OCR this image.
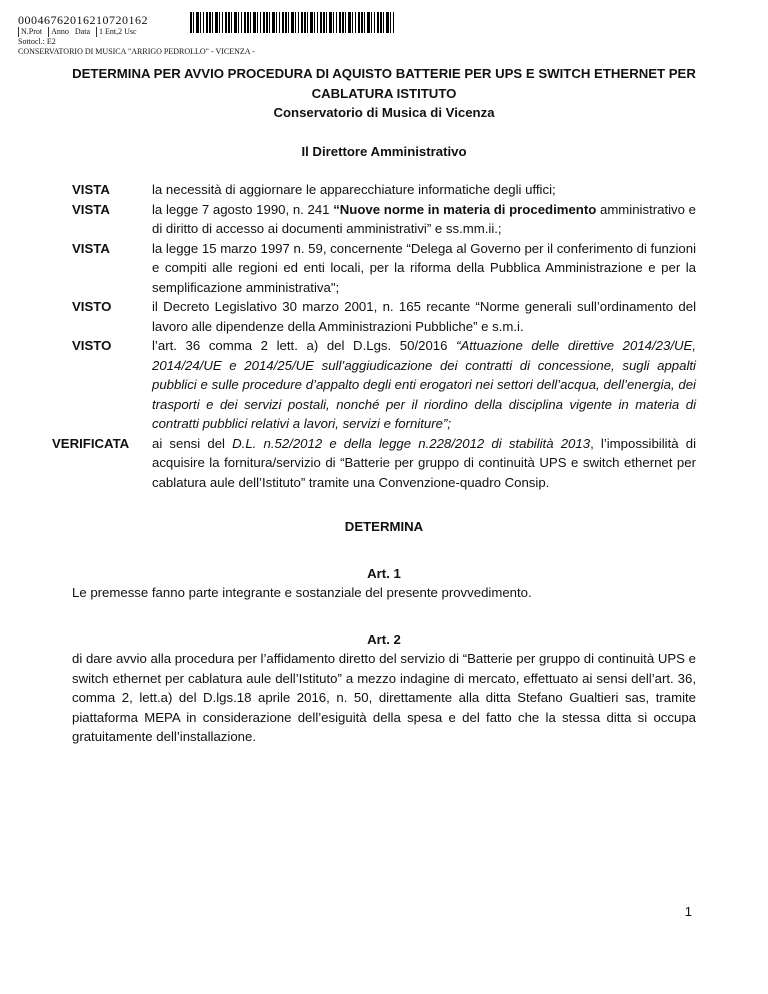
00046762016210720162
N.Prot Anno Data 1 Ent,2 Usc
Sottocl.: E2
CONSERVATORIO DI MUSICA "ARRIGO PEDROLLO" - VICENZA -
DETERMINA PER AVVIO PROCEDURA DI AQUISTO BATTERIE PER UPS E SWITCH ETHERNET PER
CABLATURA ISTITUTO
Conservatorio di Musica di Vicenza
Il Direttore Amministrativo
VISTA	la necessità di aggiornare le apparecchiature informatiche degli uffici;
VISTA	la legge 7 agosto 1990, n. 241 “Nuove norme in materia di procedimento amministrativo e di diritto di accesso ai documenti amministrativi” e ss.mm.ii.;
VISTA	la legge 15 marzo 1997 n. 59, concernente “Delega al Governo per il conferimento di funzioni e compiti alle regioni ed enti locali, per la riforma della Pubblica Amministrazione e per la semplificazione amministrativa";
VISTO	il Decreto Legislativo 30 marzo 2001, n. 165 recante “Norme generali sull’ordinamento del lavoro alle dipendenze della Amministrazioni Pubbliche” e s.m.i.
VISTO	l’art. 36 comma 2 lett. a) del D.Lgs. 50/2016 “Attuazione delle direttive 2014/23/UE, 2014/24/UE e 2014/25/UE sull’aggiudicazione dei contratti di concessione, sugli appalti pubblici e sulle procedure d’appalto degli enti erogatori nei settori dell’acqua, dell’energia, dei trasporti e dei servizi postali, nonché per il riordino della disciplina vigente in materia di contratti pubblici relativi a lavori, servizi e forniture”;
VERIFICATA	ai sensi del D.L. n.52/2012 e della legge n.228/2012 di stabilità 2013, l’impossibilità di acquisire la fornitura/servizio di “Batterie per gruppo di continuità UPS e switch ethernet per cablatura aule dell’Istituto” tramite una Convenzione-quadro Consip.
DETERMINA
Art. 1
Le premesse fanno parte integrante e sostanziale del presente provvedimento.
Art. 2
di dare avvio alla procedura per l’affidamento diretto del servizio di “Batterie per gruppo di continuità UPS e switch ethernet per cablatura aule dell’Istituto” a mezzo indagine di mercato, effettuato ai sensi dell’art. 36, comma 2, lett.a) del D.lgs.18 aprile 2016, n. 50, direttamente alla ditta Stefano Gualtieri sas, tramite piattaforma MEPA in considerazione dell’esiguità della spesa e del fatto che la stessa ditta si occupa gratuitamente dell’installazione.
1
